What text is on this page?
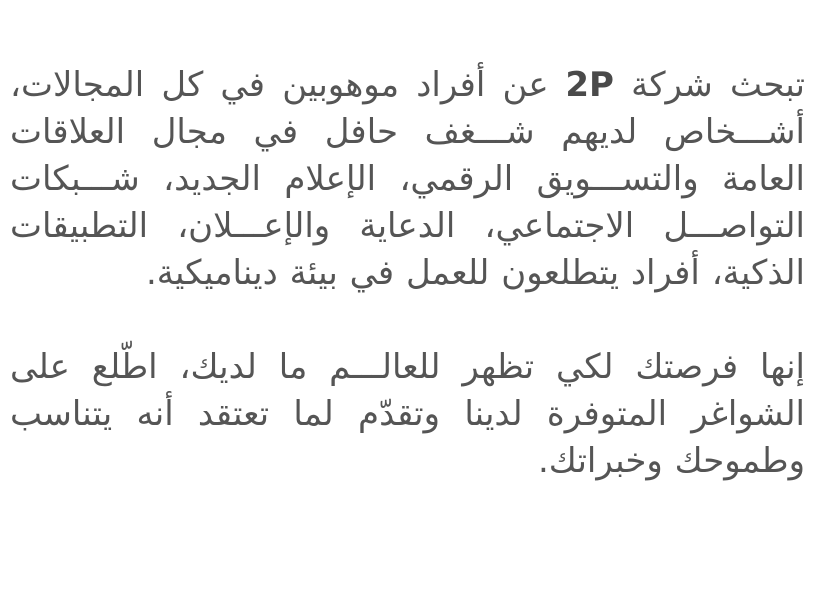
تبحث شركة 2P عن أفراد موهوبين في كل المجالات، أشـــخاص لديهم شـــغف حافل في مجال العلاقات العامة والتســـويق الرقمي، الإعلام الجديد، شـــبكات التواصـــل الاجتماعي، الدعاية والإعـــلان، التطبيقات الذكية، أفراد يتطلعون للعمل في بيئة ديناميكية.

إنها فرصتك لكي تظهر للعالـــم ما لديك، اطّلع على الشواغر المتوفرة لدينا وتقدّم لما تعتقد أنه يتناسب وطموحك وخبراتك.
